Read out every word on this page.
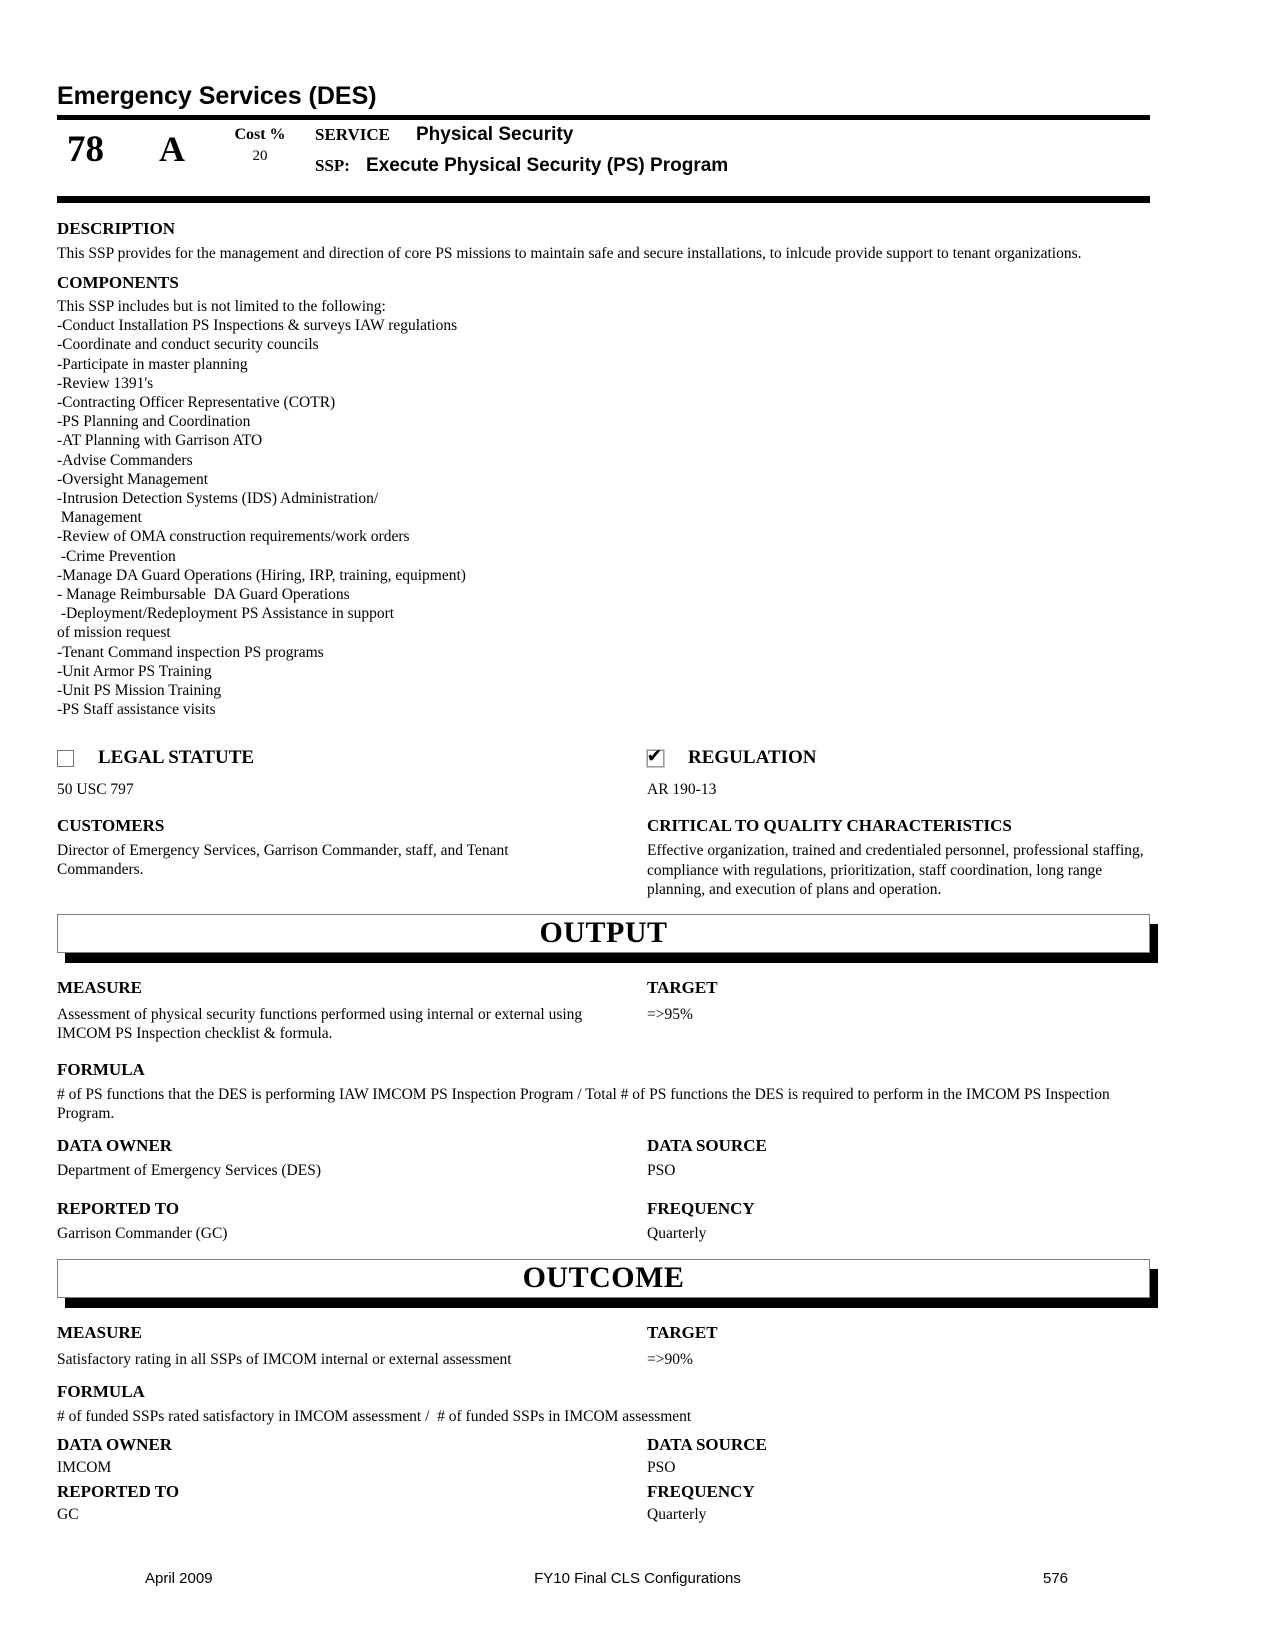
Emergency Services (DES)
78 A	Cost %
20
SERVICE Physical Security
SSP: Execute Physical Security (PS) Program
DESCRIPTION
This SSP provides for the management and direction of core PS missions to maintain safe and secure installations, to inlcude provide support to tenant organizations.
COMPONENTS
This SSP includes but is not limited to the following:
-Conduct Installation PS Inspections & surveys IAW regulations
-Coordinate and conduct security councils
-Participate in master planning
-Review 1391's
-Contracting Officer Representative (COTR)
-PS Planning and Coordination
-AT Planning with Garrison ATO
-Advise Commanders
-Oversight Management
-Intrusion Detection Systems (IDS) Administration/
Management
-Review of OMA construction requirements/work orders
-Crime Prevention
-Manage DA Guard Operations (Hiring, IRP, training, equipment)
- Manage Reimbursable  DA Guard Operations
-Deployment/Redeployment PS Assistance in support
of mission request
-Tenant Command inspection PS programs
-Unit Armor PS Training
-Unit PS Mission Training
-PS Staff assistance visits
LEGAL STATUTE	✔ REGULATION
50 USC 797	AR 190-13
CUSTOMERS
Director of Emergency Services, Garrison Commander, staff, and Tenant Commanders.
CRITICAL TO QUALITY CHARACTERISTICS
Effective organization, trained and credentialed personnel, professional staffing, compliance with regulations, prioritization, staff coordination, long range planning, and execution of plans and operation.
OUTPUT
MEASURE
Assessment of physical security functions performed using internal or external using IMCOM PS Inspection checklist & formula.
TARGET
=>95%
FORMULA
# of PS functions that the DES is performing IAW IMCOM PS Inspection Program / Total # of PS functions the DES is required to perform in the IMCOM PS Inspection Program.
DATA OWNER
Department of Emergency Services (DES)
DATA SOURCE
PSO
REPORTED TO
Garrison Commander (GC)
FREQUENCY
Quarterly
OUTCOME
MEASURE
Satisfactory rating in all SSPs of IMCOM internal or external assessment
TARGET
=>90%
FORMULA
# of funded SSPs rated satisfactory in IMCOM assessment /  # of funded SSPs in IMCOM assessment
DATA OWNER
IMCOM
DATA SOURCE
PSO
REPORTED TO
GC
FREQUENCY
Quarterly
April 2009	FY10 Final CLS Configurations	576
